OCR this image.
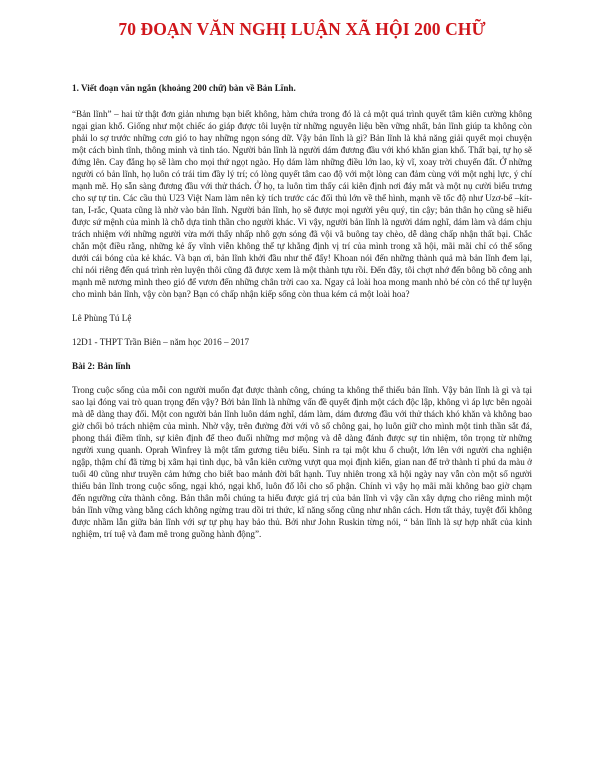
70 ĐOẠN VĂN NGHỊ LUẬN XÃ HỘI 200 CHỮ
1. Viết đoạn văn ngắn (khoảng 200 chữ) bàn về Bản Lĩnh.

“Bản lĩnh” – hai từ thật đơn giản nhưng bạn biết không, hàm chứa trong đó là cả một quá trình quyết tâm kiên cường không ngại gian khổ. Giống như một chiếc áo giáp được tôi luyện từ những nguyên liệu bền vững nhất, bản lĩnh giúp ta không còn phải lo sợ trước những cơn gió to hay những ngọn sóng dữ. Vậy bản lĩnh là gì? Bản lĩnh là khả năng giải quyết mọi chuyện một cách bình tĩnh, thông minh và tinh táo. Người bản lĩnh là người dám đương đầu với khó khăn gian khổ. Thất bại, tự họ sẽ đứng lên. Cay đắng họ sẽ làm cho mọi thứ ngọt ngào. Họ dám làm những điều lớn lao, kỳ vĩ, xoay trời chuyển đất. Ở những người có bản lĩnh, họ luôn có trái tim đầy lý trí; có lòng quyết tâm cao độ với một lòng can đảm cùng với một nghị lực, ý chí mạnh mẽ. Họ sẵn sàng đương đầu với thử thách. Ở họ, ta luôn tìm thấy cái kiên định nơi đáy mắt và một nụ cười biểu trưng cho sự tự tin. Các cầu thủ U23 Việt Nam làm nên kỳ tích trước các đối thủ lớn về thể hình, mạnh về tốc độ như Uzơ-bế –kít- tan, I-rắc, Quata cũng là nhờ vào bản lĩnh. Người bản lĩnh, họ sẽ được mọi người yêu quý, tin cậy; bản thân họ cũng sẽ hiểu được sứ mệnh của mình là chỗ dựa tinh thần cho người khác. Vì vậy, người bản lĩnh là người dám nghĩ, dám làm và dám chịu trách nhiệm với những người vừa mới thấy nhấp nhô gợn sóng đã vội vã buông tay chèo, dễ dàng chấp nhận thất bại. Chắc chắn một điều rằng, những kẻ ấy vĩnh viễn không thể tự khẳng định vị trí của mình trong xã hội, mãi mãi chỉ có thể sống dưới cái bóng của kẻ khác. Và bạn ơi, bản lĩnh khởi đầu như thế đấy! Khoan nói đến những thành quả mà bản lĩnh đem lại, chỉ nói riêng đến quá trình rèn luyện thôi cũng đã được xem là một thành tựu rồi. Đến đây, tôi chợt nhớ đến bông bồ công anh mạnh mẽ nương mình theo gió để vươn đến những chân trời cao xa. Ngay cả loài hoa mong manh nhỏ bé còn có thể tự luyện cho mình bản lĩnh, vậy còn bạn? Bạn có chấp nhận kiếp sống còn thua kém cả một loài hoa?

Lê Phùng Tú Lệ

12D1 - THPT Trần Biên – năm học 2016 – 2017

Bài 2: Bản lĩnh

Trong cuộc sống của mỗi con người muốn đạt được thành công, chúng ta không thể thiếu bản lĩnh. Vậy bản lĩnh là gì và tại sao lại đóng vai trò quan trọng đến vậy? Bởi bản lĩnh là những vấn đề quyết định một cách độc lập, không vì áp lực bên ngoài mà dễ dàng thay đổi. Một con người bản lĩnh luôn dám nghĩ, dám làm, dám đương đầu với thử thách khó khăn và không bao giờ chối bỏ trách nhiệm của mình. Nhờ vậy, trên đường đời với vô số chông gai, họ luôn giữ cho mình một tinh thần sắt đá, phong thái điềm tĩnh, sự kiên định để theo đuổi những mơ mộng và dễ dàng đánh được sự tin nhiệm, tôn trọng từ những người xung quanh. Oprah Winfrey là một tấm gương tiêu biểu. Sinh ra tại một khu ổ chuột, lớn lên với người cha nghiện ngập, thậm chí đã từng bị xâm hại tình dục, bà vẫn kiên cường vượt qua mọi định kiến, gian nan để trở thành tỉ phú da màu ở tuổi 40 cũng như truyền cảm hứng cho biết bao mảnh đời bất hạnh. Tuy nhiên trong xã hội ngày nay vẫn còn một số người thiếu bản lĩnh trong cuộc sống, ngại khó, ngại khổ, luôn đổ lỗi cho số phận. Chính vì vậy họ mãi mãi không bao giờ chạm đến ngưỡng cửa thành công. Bản thân mỗi chúng ta hiểu được giá trị của bản lĩnh vì vậy cần xây dựng cho riêng mình một bản lĩnh vững vàng bằng cách không ngừng trau dồi tri thức, kĩ năng sống cũng như nhân cách. Hơn tất thảy, tuyệt đối không được nhầm lẫn giữa bản lĩnh với sự tự phụ hay bảo thủ. Bởi như John Ruskin từng nói, “ bản lĩnh là sự hợp nhất của kinh nghiệm, trí tuệ và đam mê trong guồng hành động”.
